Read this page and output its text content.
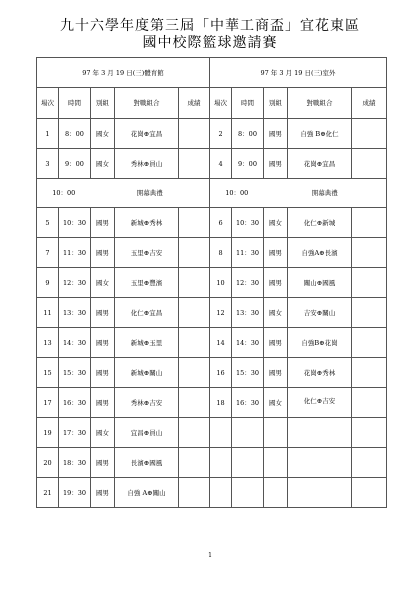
九十六學年度第三屆「中華工商盃」宜花東區
國中校際籃球邀請賽
97 年 3 月 19 日(三)體育館					97 年 3 月 19 日(三)室外				
場次	時間	別組	對戰組合	成績	場次	時間	別組	對戰組合	成績
1	8：00	國女	花崗⊕宜昌		2	8：00	國男	自強 B⊕化仁	
3	9：00	國女	秀林⊕員山		4	9：00	國男	花崗⊕宜昌	
10：00		開幕典禮			10：00		開幕典禮		
5	10：30	國男	新城⊕秀林		6	10：30	國女	化仁⊕新城	
7	11：30	國男	玉里⊕吉安		8	11：30	國男	自強A⊕長濱	
9	12：30	國女	玉里⊕豐濱		10	12：30	國男	關山⊕國風	
11	13：30	國男	化仁⊕宜昌		12	13：30	國女	吉安⊕關山	
13	14：30	國男	新城⊕玉里		14	14：30	國男	自強B⊕花崗	
15	15：30	國男	新城⊕關山		16	15：30	國男	花崗⊕秀林	
17	16：30	國男	秀林⊕吉安		18	16：30	國女	化仁⊕吉安	
19	17：30	國女	宜昌⊕員山						
20	18：30	國男	長濱⊕國風						
21	19：30	國男	自強 A⊕關山						
1
